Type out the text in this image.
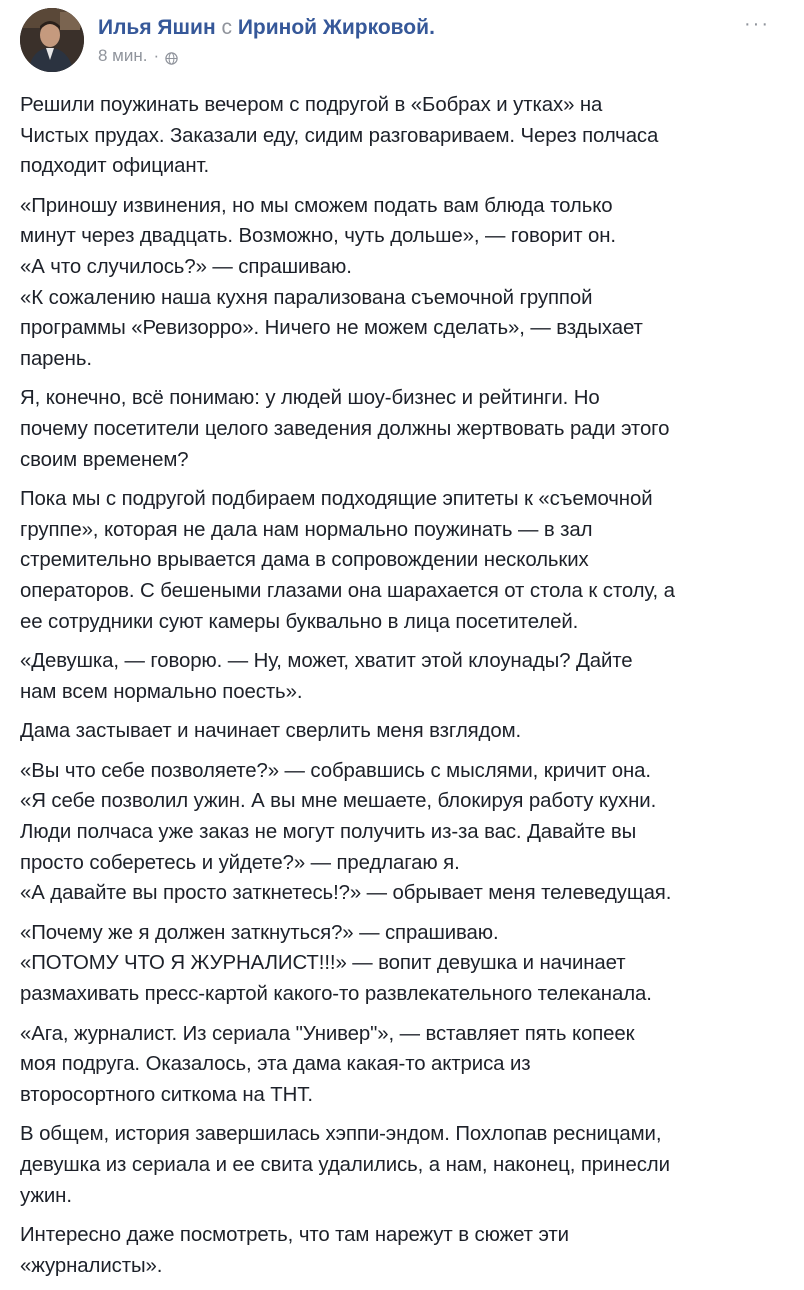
Илья Яшин с Ириной Жирковой.
8 мин. ·
···

Решили поужинать вечером с подругой в «Бобрах и утках» на
Чистых прудах. Заказали еду, сидим разговариваем. Через полчаса
подходит официант.

«Приношу извинения, но мы сможем подать вам блюда только
минут через двадцать. Возможно, чуть дольше», — говорит он.
«А что случилось?» — спрашиваю.
«К сожалению наша кухня парализована съемочной группой
программы «Ревизорро». Ничего не можем сделать», — вздыхает
парень.

Я, конечно, всё понимаю: у людей шоу-бизнес и рейтинги. Но
почему посетители целого заведения должны жертвовать ради этого
своим временем?

Пока мы с подругой подбираем подходящие эпитеты к «съемочной
группе», которая не дала нам нормально поужинать — в зал
стремительно врывается дама в сопровождении нескольких
операторов. С бешеными глазами она шарахается от стола к столу, а
ее сотрудники суют камеры буквально в лица посетителей.

«Девушка, — говорю. — Ну, может, хватит этой клоунады? Дайте
нам всем нормально поесть».

Дама застывает и начинает сверлить меня взглядом.

«Вы что себе позволяете?» — собравшись с мыслями, кричит она.
«Я себе позволил ужин. А вы мне мешаете, блокируя работу кухни.
Люди полчаса уже заказ не могут получить из-за вас. Давайте вы
просто соберетесь и уйдете?» — предлагаю я.
«А давайте вы просто заткнетесь!?» — обрывает меня телеведущая.

«Почему же я должен заткнуться?» — спрашиваю.
«ПОТОМУ ЧТО Я ЖУРНАЛИСТ!!!» — вопит девушка и начинает
размахивать пресс-картой какого-то развлекательного телеканала.

«Ага, журналист. Из сериала "Универ"», — вставляет пять копеек
моя подруга. Оказалось, эта дама какая-то актриса из
второсортного ситкома на ТНТ.

В общем, история завершилась хэппи-эндом. Похлопав ресницами,
девушка из сериала и ее свита удалились, а нам, наконец, принесли
ужин.

Интересно даже посмотреть, что там нарежут в сюжет эти
«журналисты».
